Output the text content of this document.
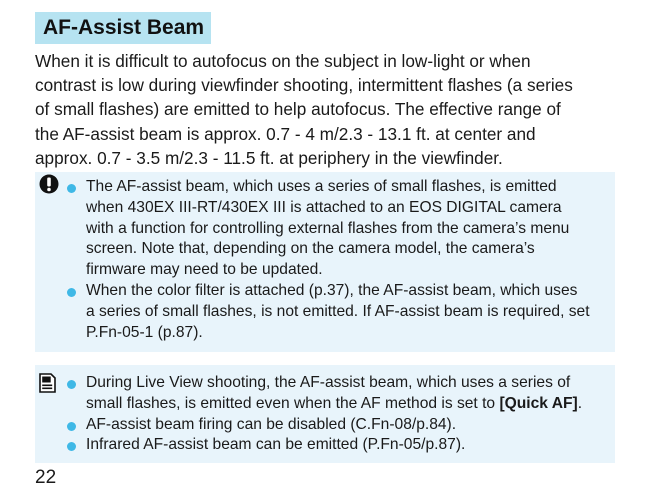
AF-Assist Beam
When it is difficult to autofocus on the subject in low-light or when
contrast is low during viewfinder shooting, intermittent flashes (a series
of small flashes) are emitted to help autofocus. The effective range of
the AF-assist beam is approx. 0.7 - 4 m/2.3 - 13.1 ft. at center and
approx. 0.7 - 3.5 m/2.3 - 11.5 ft. at periphery in the viewfinder.
The AF-assist beam, which uses a series of small flashes, is emitted
when 430EX III-RT/430EX III is attached to an EOS DIGITAL camera
with a function for controlling external flashes from the camera’s menu
screen. Note that, depending on the camera model, the camera’s
firmware may need to be updated.
When the color filter is attached (p.37), the AF-assist beam, which uses
a series of small flashes, is not emitted. If AF-assist beam is required, set
P.Fn-05-1 (p.87).
During Live View shooting, the AF-assist beam, which uses a series of
small flashes, is emitted even when the AF method is set to [Quick AF].
AF-assist beam firing can be disabled (C.Fn-08/p.84).
Infrared AF-assist beam can be emitted (P.Fn-05/p.87).
22
